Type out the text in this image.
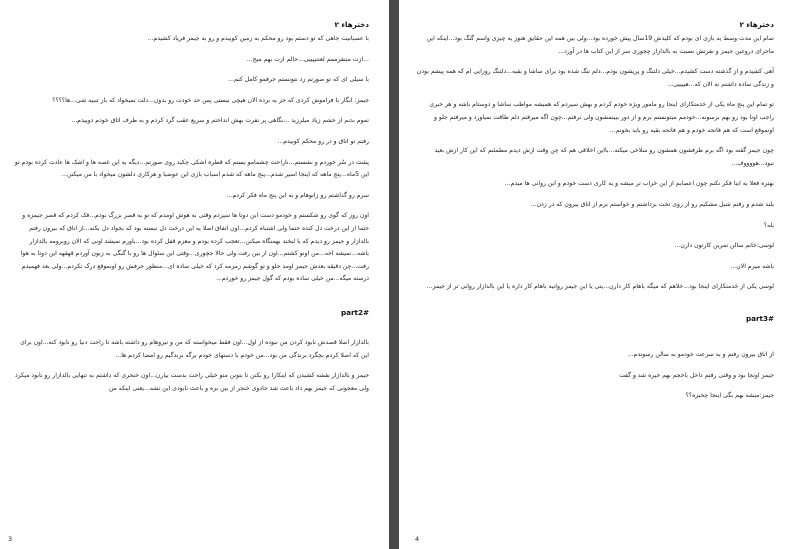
دخترهاء ۲

با عصبانیت جاهی که تو دستم بود رو محکم به زمین کوبیدم و رو به جیمز فریاد کشیدم...

...ازت متنفرممم لعنتییییی...حالم ازت بهم میخ...

با سیلی ای که تو صورتم زد نتونستم حرفمو کامل کنم...

جیمز: انگار با فراموش کردی که جز یه برده الان هیچی نیستی پس حد خودت رو بدون...دلت نمیخواد که باز تنبیه شی...ها؟؟؟؟

تموم بدنم از خشم زیاد میلرزید ...نگاهی پر نفرت بهش انداختم و سریع عقب گرد کردم و به طرف اتاق خودم دوییدم...

رفتم تو اتاق و در رو محکم کوبیدم...

پشت در سُر خوردم و نشستم...ناراحت چشمامو بستم که قطره اشکی چکید روی صورتم...دیگه به این غصه ها و اشک ها عادت کرده بودم تو این 5ماه...پنج ماهه که اینجا اسیر شدم...پنج ماهه که شدم اسباب بازی این عوضیا و هرکاری دلشون میخواد با من میکنن...

سرم رو گذاشتم رو زانوهام و به این پنج ماه فکر کردم...

اون روز که گوی رو شکستم و خودمو دست این دوتا ها سپردم وقتی به هوش اومدم که تو یه قصر بزرگ بودم...فک کردم که قصر جیمزه و حتما از این درخت دل کنده حتما ولی اشتباه کردم...اون اتفاق اصلا یه این درخت دل نبسته بود که بخواد دل بکنه...از اتاق که بیرون رفتم بالدازار و جیمز رو دیدم که با لبخند بهمنگاه میکنن...تعجب کرده بودم و معزم قفل کرده بود...باورم نمیشد اونی که الان روبرومه بالدازار باشه...نمیشه اخه...من اونو کشتم...اون از بین رفت ولی حالا جچوری...وقتی این سئوال ها رو با گنگی به زبون آوردم قهقهه این دوتا به هوا رفت...چن دقیقه بعدش جیمز اومد جلو و تو گوشم زمزمه کرد که خیلی ساده ای...منظور حرفش رو اونموقع درک نکردم...ولی بعد فهمیدم درسته میگه...من خیلی ساده بودم که گول جیمز رو خوردم...

part2#

بالدازار اصلا قصدش نابود کردن من نبوده از اول...اون فقط میخواسته که من و نیروهام رو داشته باشه تا راحت دنیا رو نابود کنه...اون برای این که اصلا کردم بچگرد برندگی من بود...من خودم با دستهای خودم برگه برندگیم رو امضا کردم ها...

جیمز و بالدازار نقشه کشیدن که اینکارا رو بکنن تا بتونن منو خیلی راحت بدست بیارن...اون خنجری که داشتم به تنهایی بالدازار رو نابود میکرد ولی معجونی که جیمز بهم داد باعث شد جادوی خنجر از بین بره و باعث نابودی این نشه...یعنی اینکه من

3
دخترهاء ۲

تمام این مدت وسط یه بازی ای بودم که کلیدش 19سال پیش خورده بود...ولی بین همه این حقایق هنوز یه چیزی واسم گنگ بود...اینکه این ماجرای دروغین جیمز و نفرتش نسبت به بالدازار چجوری سر از این کتاب ها در آورد...

آهی کشیدم و از گذشته دست کشیدم...خیلی دلتنگ و پریشون بودم...دلم تنگ شده بود برای ساشا و بقیه...دلتنگ روزایی ام که همه پیشم بودن و زندگی ساده داشتم نه الان که...هییییی...

تو تمام این پنج ماه یکی از خدمتکارای اینجا رو مامور ویژه خودم کردم و بهش سپردم که همیشه مواظب ساشا و دوستام باشه و هر خبری راجب اونا بود رو بهم برسونه...خودمم میتونستم برم و از دور ببینمشون ولی نرفتم...چون اگه میرفتم دلم طاقت نمیاورد و میرفتم جلو و اونموقع است که هم فاتحه خودم و هم فاتحه بقیه رو باید بخونم...

چون جیمز گفته بود اگه برم طرفشون همشون رو سلاخی میکنه...بااین اخلاقی هم که چن وقت ازش دیدم مطمئنم که این کار ازش بعید نبود...هووووف...

بهتره فعلا به اینا فکر نکنم چون اعصابم از این خراب تر میشه و یه کاری دست خودم و این روانی ها میدم...

بلند شدم و رفتم شیل مشکیم رو از روی تخت برداشتم و خواستم برم از اتاق بیرون که در زدن...

بله؟

لوسی:خانم سالن تمرین کارتون دارن...

باشه میرم الان...

لوسی یکی از خدمتکارای اینجا بود...خلاهم که میگه باهام کار دارن...یتی یا این جیمز روانیه باهام کار داره یا این بالدازار روانی تر از جیمز...

part3#

از اتاق بیرون رفتم و به سرعت خودمو به سالن رسوندم...

جیمز اونجا بود و وقتی رفتم داخل باخجم بهم خیره شد و گفت

جیمز:میشه بهم بگی اینجا چخبره؟؟

4
